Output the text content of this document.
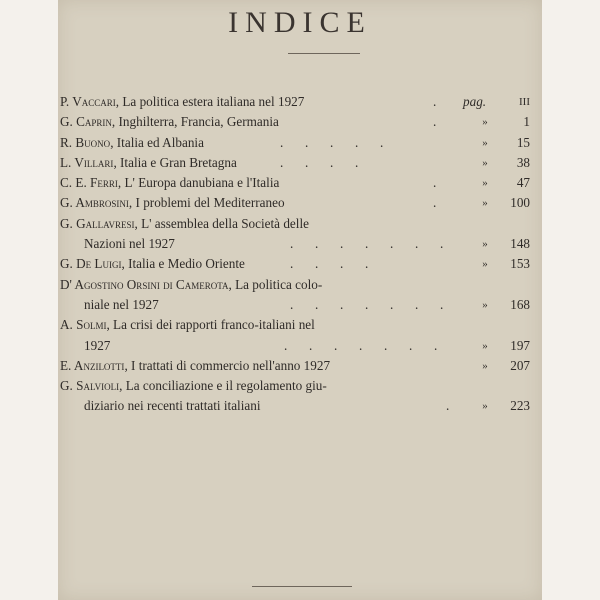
INDICE
P. Vaccari, La politica estera italiana nel 1927	. pag.	III
G. Caprin, Inghilterra, Francia, Germania	.	»	1
R. Buono, Italia ed Albania	. . . . .	»	15
L. Villari, Italia e Gran Bretagna	. . . .	»	38
C. E. Ferri, L' Europa danubiana e l'Italia	.	»	47
G. Ambrosini, I problemi del Mediterraneo	.	»	100
G. Gallavresi, L' assemblea della Società delle
Nazioni nel 1927	. . . . . . .	»	148
G. De Luigi, Italia e Medio Oriente	. . . .	»	153
D' Agostino Orsini di Camerota, La politica colo-
niale nel 1927	. . . . . . .	»	168
A. Solmi, La crisi dei rapporti franco-italiani nel
1927	. . . . . . .	»	197
E. Anzilotti, I trattati di commercio nell'anno 1927	»	207
G. Salvioli, La conciliazione e il regolamento giu-
diziario nei recenti trattati italiani	.	»	223
